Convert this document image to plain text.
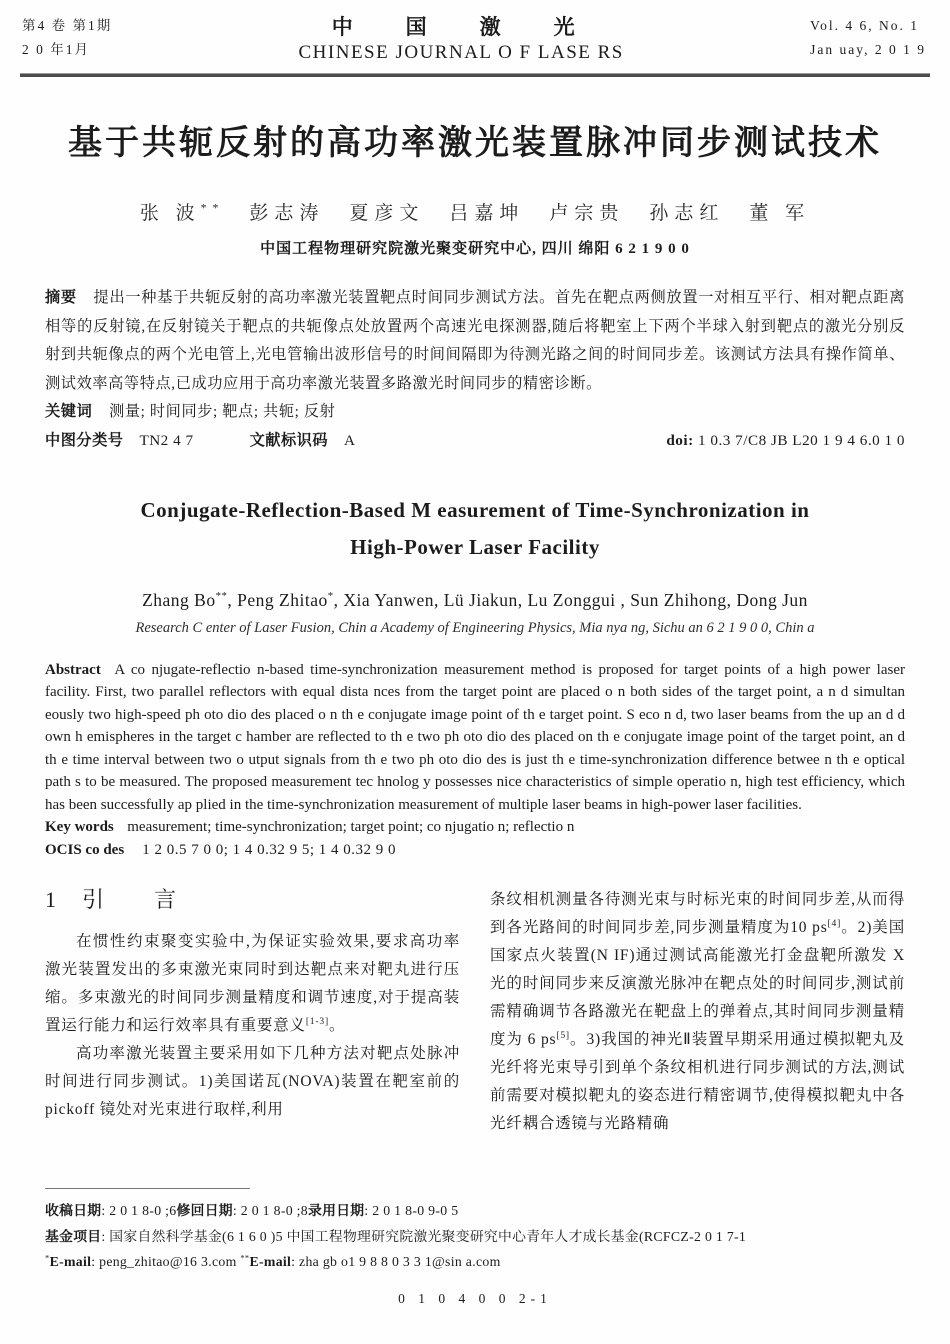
第4 卷 第1期
2 0 年1月
中　国　激　光
CHINESE JOURNAL O F LASE RS
Vol. 4 6, No. 1
Jan uay, 2 0 1 9
基于共轭反射的高功率激光装置脉冲同步测试技术
张 波**　彭志涛　夏彦文　吕嘉坤　卢宗贵　孙志红　董 军
中国工程物理研究院激光聚变研究中心, 四川 绵阳 6 2 1 9 0 0
摘要 提出一种基于共轭反射的高功率激光装置靶点时间同步测试方法。首先在靶点两侧放置一对相互平行、相对靶点距离相等的反射镜,在反射镜关于靶点的共轭像点处放置两个高速光电探测器,随后将靶室上下两个半球入射到靶点的激光分别反射到共轭像点的两个光电管上,光电管输出波形信号的时间间隔即为待测光路之间的时间同步差。该测试方法具有操作简单、测试效率高等特点,已成功应用于高功率激光装置多路激光时间同步的精密诊断。
关键词 测量; 时间同步; 靶点; 共轭; 反射
中图分类号 TN2 4 7	文献标识码 A	doi: 1 0.3 7/C8 JB L20 1 9 4 6.0 1 0
Conjugate-Reflection-Based M easurement of Time-Synchronization in
High-Power Laser Facility
Zhang Bo**, Peng Zhitao*, Xia Yanwen, Lü Jiakun, Lu Zonggui , Sun Zhihong, Dong Jun
Research C enter of Laser Fusion, Chin a Academy of Engineering Physics, Mia nya ng, Sichu an 6 2 1 9 0 0, Chin a
Abstract A co njugate-reflectio n-based time-synchronization measurement method is proposed for target points of a high power laser facility. First, two parallel reflectors with equal dista nces from the target point are placed o n both sides of the target point, a n d simultan eously two high-speed ph oto dio des placed o n th e conjugate image point of th e target point. S eco n d, two laser beams from the up an d d own h emispheres in the target c hamber are reflected to th e two ph oto dio des placed on th e conjugate image point of the target point, an d th e time interval between two o utput signals from th e two ph oto dio des is just th e time-synchronization difference betwee n th e optical path s to be measured. The proposed measurement tec hnolog y possesses nice characteristics of simple operatio n, high test efficiency, which has been successfully ap plied in the time-synchronization measurement of multiple laser beams in high-power laser facilities.
Key words measurement; time-synchronization; target point; co njugatio n; reflectio n
OCIS co des 1 2 0.5 7 0 0; 1 4 0.32 9 5; 1 4 0.32 9 0
1　引　　言

在惯性约束聚变实验中,为保证实验效果,要求高功率激光装置发出的多束激光束同时到达靶点来对靶丸进行压缩。多束激光的时间同步测量精度和调节速度,对于提高装置运行能力和运行效率具有重要意义[1-3]。

高功率激光装置主要采用如下几种方法对靶点处脉冲时间进行同步测试。1)美国诺瓦(NOVA)装置在靶室前的 pickoff 镜处对光束进行取样,利用

条纹相机测量各待测光束与时标光束的时间同步差,从而得到各光路间的时间同步差,同步测量精度为10 ps[4]。2)美国国家点火装置(N IF)通过测试高能激光打金盘靶所激发 X 光的时间同步来反演激光脉冲在靶点处的时间同步,测试前需精确调节各路激光在靶盘上的弹着点,其时间同步测量精度为 6 ps[5]。3)我国的神光Ⅱ装置早期采用通过模拟靶丸及光纤将光束导引到单个条纹相机进行同步测试的方法,测试前需要对模拟靶丸的姿态进行精密调节,使得模拟靶丸中各光纤耦合透镜与光路精确

收稿日期: 2 0 1 8-0 ;6修回日期: 2 0 1 8-0 ;8录用日期: 2 0 1 8-0 9-0 5
基金项目: 国家自然科学基金(6 1 6 0 )5 中国工程物理研究院激光聚变研究中心青年人才成长基金(RCFCZ-2 0 1 7-1
*E-mail: peng_zhitao@16 3.com **E-mail: zha gb o1 9 8 8 0 3 3 1@sin a.com
0 1 0 4 0 0 2-1
